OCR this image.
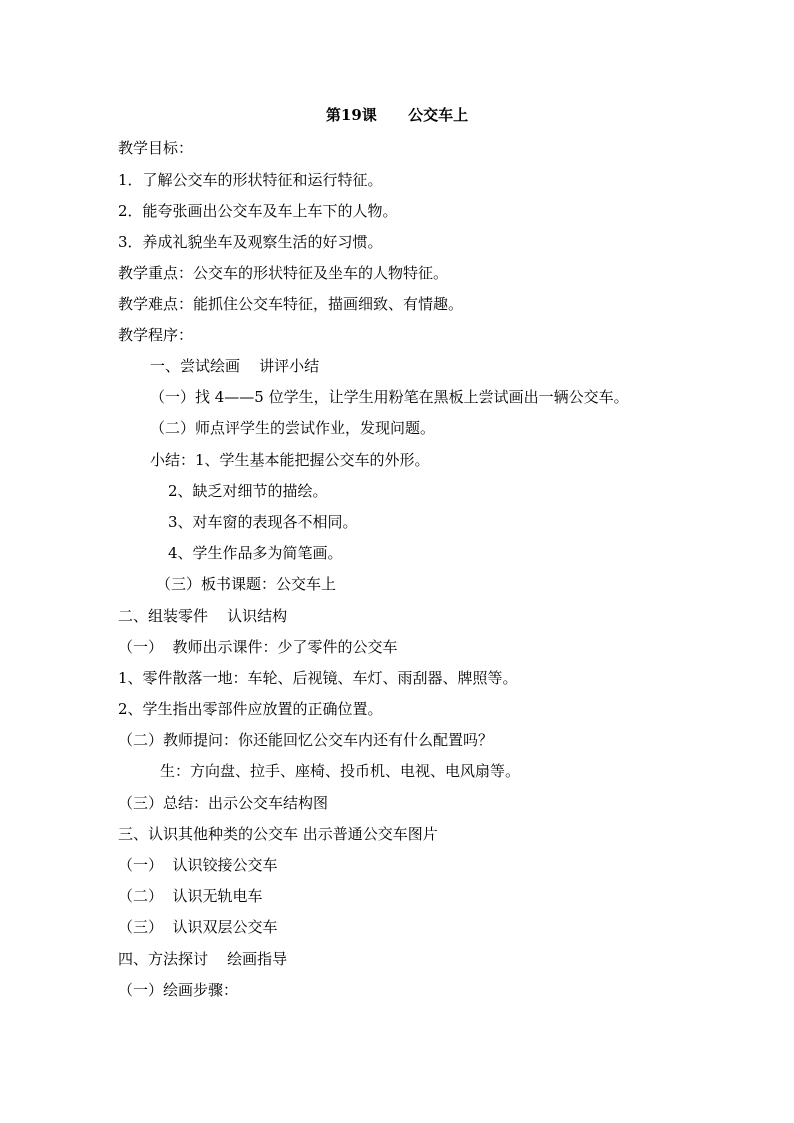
第19课      公交车上
教学目标：
1．了解公交车的形状特征和运行特征。
2．能夸张画出公交车及车上车下的人物。
3．养成礼貌坐车及观察生活的好习惯。
教学重点：公交车的形状特征及坐车的人物特征。
教学难点：能抓住公交车特征，描画细致、有情趣。
教学程序：
一、尝试绘画    讲评小结
（一）找 4——5 位学生，让学生用粉笔在黑板上尝试画出一辆公交车。
（二）师点评学生的尝试作业，发现问题。
小结：1、学生基本能把握公交车的外形。
2、缺乏对细节的描绘。
3、对车窗的表现各不相同。
4、学生作品多为简笔画。
（三）板书课题：公交车上
二、组装零件    认识结构
（一）  教师出示课件：少了零件的公交车
1、零件散落一地：车轮、后视镜、车灯、雨刮器、牌照等。
2、学生指出零部件应放置的正确位置。
（二）教师提问：你还能回忆公交车内还有什么配置吗？
生：方向盘、拉手、座椅、投币机、电视、电风扇等。
（三）总结：出示公交车结构图
三、认识其他种类的公交车 出示普通公交车图片
（一）  认识铰接公交车
（二）  认识无轨电车
（三）  认识双层公交车
四、方法探讨    绘画指导
（一）绘画步骤：
